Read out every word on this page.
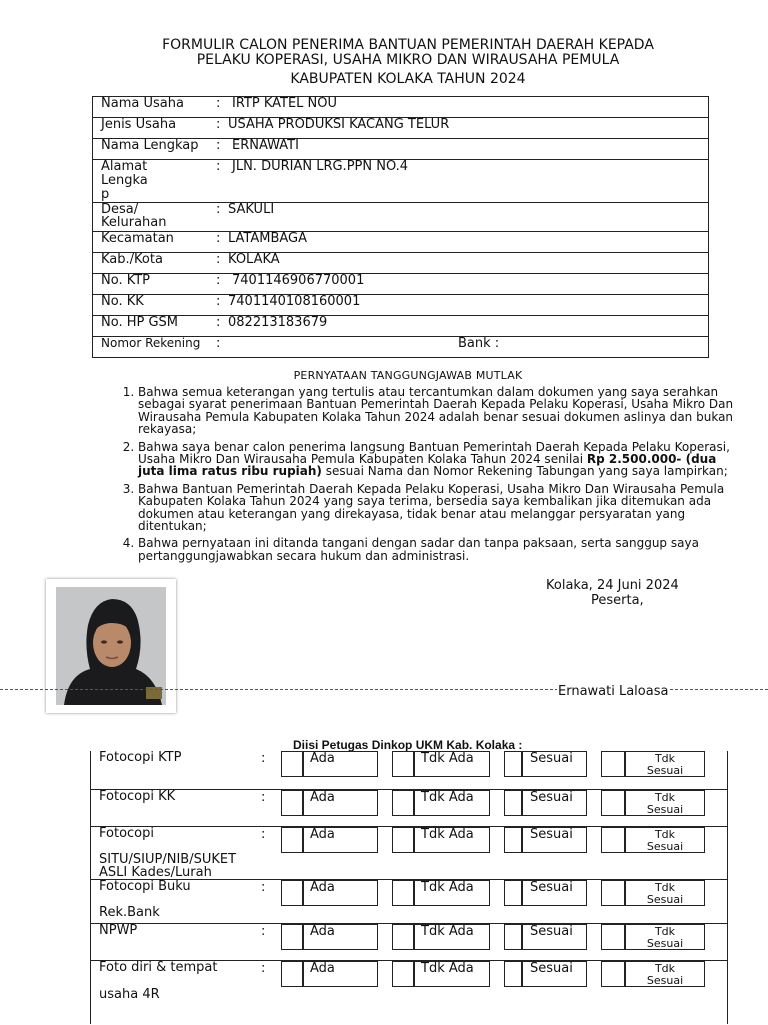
FORMULIR CALON PENERIMA BANTUAN PEMERINTAH DAERAH KEPADA
PELAKU KOPERASI, USAHA MIKRO DAN WIRAUSAHA PEMULA
KABUPATEN KOLAKA TAHUN 2024
Nama Usaha : IRTP KATEL NOU

Jenis Usaha	: USAHA PRODUKSI KACANG TELUR

Nama Lengkap : ERNAWATI

Alamat
Lengka
p
: JLN. DURIAN LRG.PPN NO.4

Desa/
Kelurahan
: SAKULI

Kecamatan	: LATAMBAGA

Kab./Kota	: KOLAKA

No. KTP	: 7401146906770001

No. KK	: 7401140108160001

No. HP GSM	: 082213183679

Nomor Rekening :	Bank :
PERNYATAAN TANGGUNGJAWAB MUTLAK
1. Bahwa semua keterangan yang tertulis atau tercantumkan dalam dokumen yang saya serahkan sebagai syarat penerimaan Bantuan Pemerintah Daerah Kepada Pelaku Koperasi, Usaha Mikro Dan Wirausaha Pemula Kabupaten Kolaka Tahun 2024 adalah benar sesuai dokumen aslinya dan bukan rekayasa;
2. Bahwa saya benar calon penerima langsung Bantuan Pemerintah Daerah Kepada Pelaku Koperasi, Usaha Mikro Dan Wirausaha Pemula Kabupaten Kolaka Tahun 2024 senilai Rp 2.500.000- (dua juta lima ratus ribu rupiah) sesuai Nama dan Nomor Rekening Tabungan yang saya lampirkan;
3. Bahwa Bantuan Pemerintah Daerah Kepada Pelaku Koperasi, Usaha Mikro Dan Wirausaha Pemula Kabupaten Kolaka Tahun 2024 yang saya terima, bersedia saya kembalikan jika ditemukan ada dokumen atau keterangan yang direkayasa, tidak benar atau melanggar persyaratan yang ditentukan;
4. Bahwa pernyataan ini ditanda tangani dengan sadar dan tanpa paksaan, serta sanggup saya pertanggungjawabkan secara hukum dan administrasi.
Kolaka, 24 Juni 2024
Peserta,
Ernawati Laloasa
Diisi Petugas Dinkop UKM Kab. Kolaka :
Fotocopi KTP	:	Ada	Tdk Ada	Sesuai	Tdk
Sesuai
Fotocopi KK	:	Ada	Tdk Ada	Sesuai	Tdk
Sesuai
Fotocopi
SITU/SIUP/NIB/SUKET
ASLI Kades/Lurah
:	Ada	Tdk Ada	Sesuai	Tdk
Sesuai
Fotocopi Buku
Rek.Bank
:	Ada	Tdk Ada	Sesuai	Tdk
Sesuai
NPWP	:	Ada	Tdk Ada	Sesuai	Tdk
Sesuai
Foto diri & tempat
usaha 4R
:	Ada	Tdk Ada	Sesuai	Tdk
Sesuai
